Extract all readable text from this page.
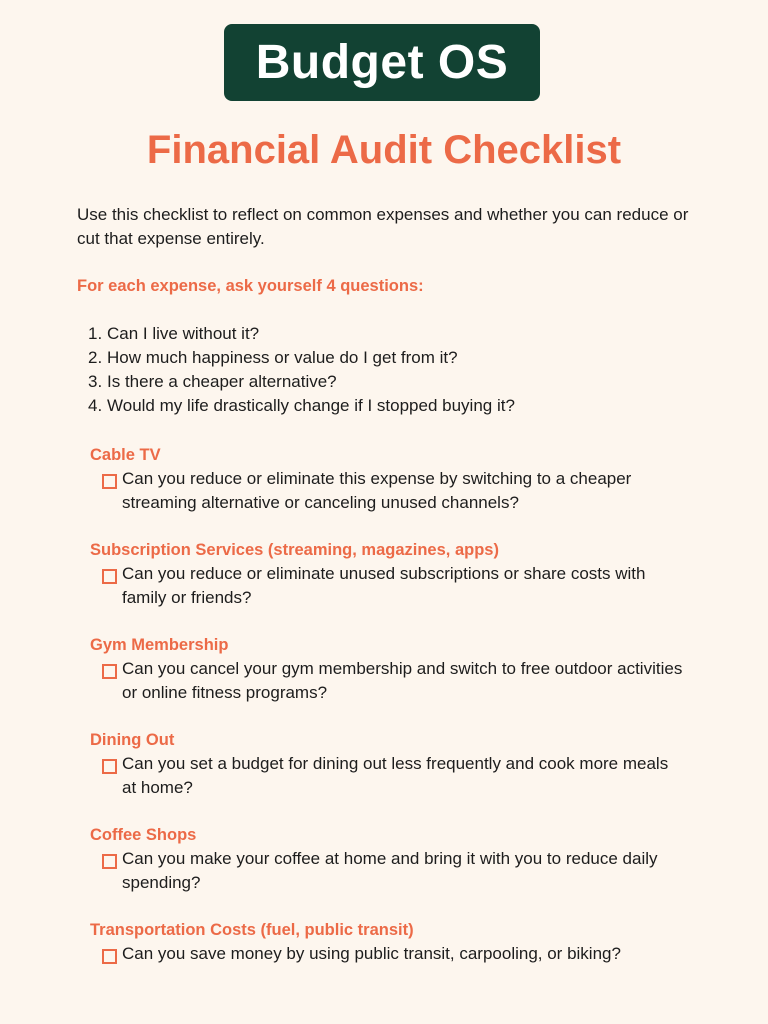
Budget OS
Financial Audit Checklist
Use this checklist to reflect on common expenses and whether you can reduce or cut that expense entirely.
For each expense, ask yourself 4 questions:
1. Can I live without it?
2. How much happiness or value do I get from it?
3. Is there a cheaper alternative?
4. Would my life drastically change if I stopped buying it?
Cable TV
Can you reduce or eliminate this expense by switching to a cheaper streaming alternative or canceling unused channels?
Subscription Services (streaming, magazines, apps)
Can you reduce or eliminate unused subscriptions or share costs with family or friends?
Gym Membership
Can you cancel your gym membership and switch to free outdoor activities or online fitness programs?
Dining Out
Can you set a budget for dining out less frequently and cook more meals at home?
Coffee Shops
Can you make your coffee at home and bring it with you to reduce daily spending?
Transportation Costs (fuel, public transit)
Can you save money by using public transit, carpooling, or biking?
